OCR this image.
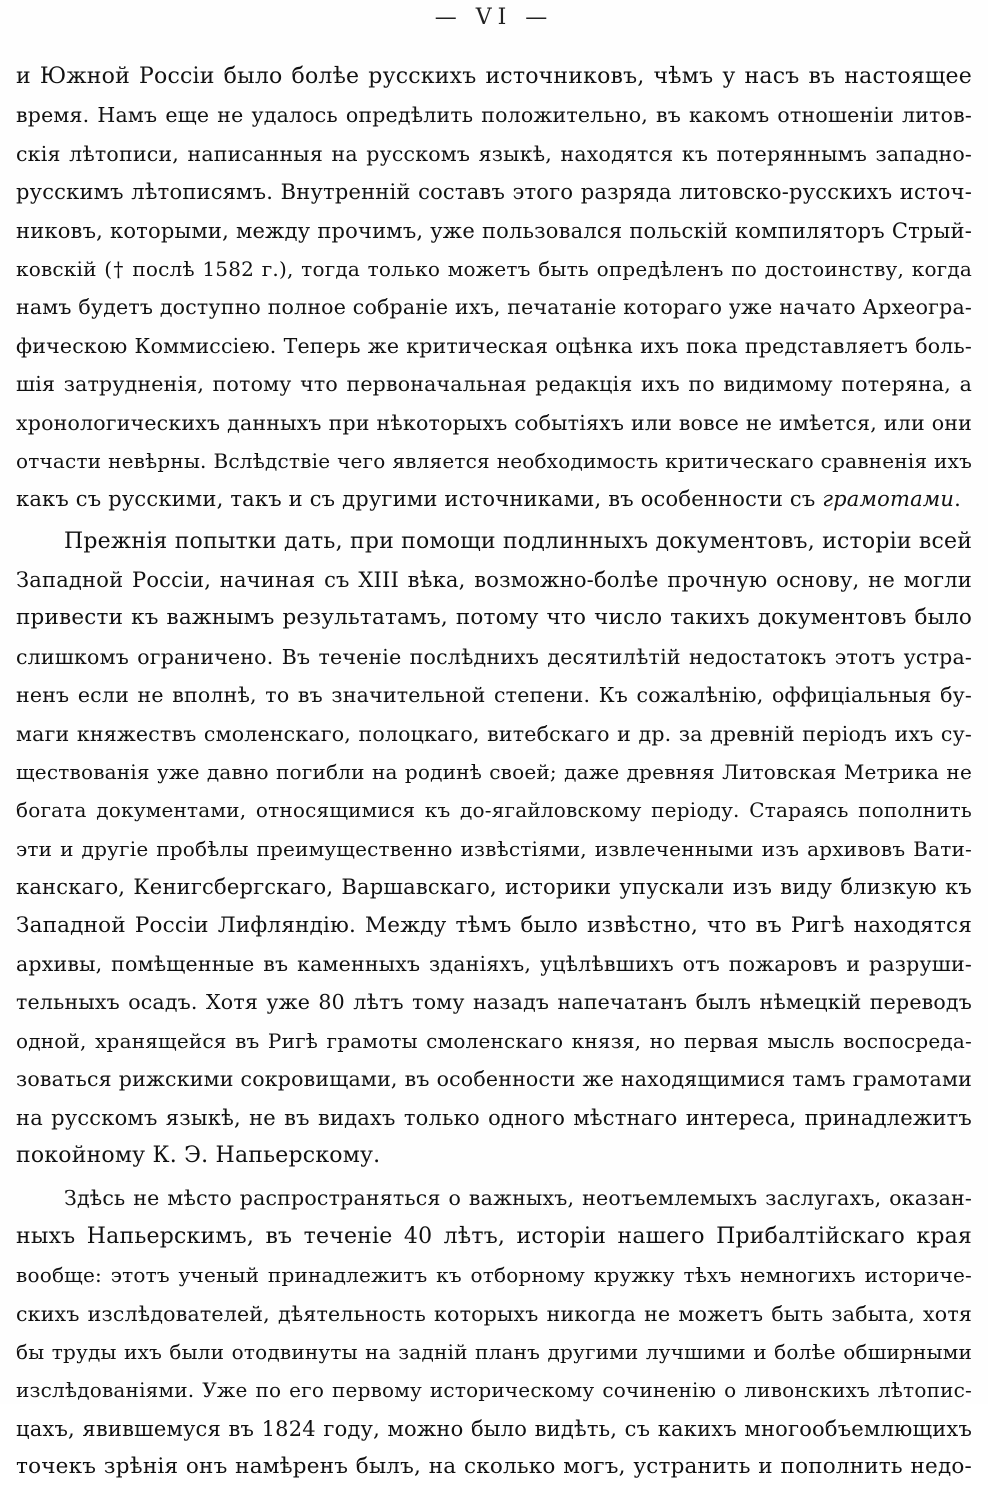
— VI —
и Южной Россіи было болѣе русскихъ источниковъ, чѣмъ у насъ въ настоящее
время. Намъ еще не удалось опредѣлить положительно, въ какомъ отношеніи литов-
скія лѣтописи, написанныя на русскомъ языкѣ, находятся къ потеряннымъ западно-
русскимъ лѣтописямъ. Внутренній составъ этого разряда литовско-русскихъ источ-
никовъ, которыми, между прочимъ, уже пользовался польскій компиляторъ Стрый-
ковскій († послѣ 1582 г.), тогда только можетъ быть опредѣленъ по достоинству, когда
намъ будетъ доступно полное собраніе ихъ, печатаніе котораго уже начато Археогра-
фическою Коммиссіею. Теперь же критическая оцѣнка ихъ пока представляетъ боль-
шія затрудненія, потому что первоначальная редакція ихъ по видимому потеряна, а
хронологическихъ данныхъ при нѣкоторыхъ событіяхъ или вовсе не имѣется, или они
отчасти невѣрны. Вслѣдствіе чего является необходимость критическаго сравненія ихъ
какъ съ русскими, такъ и съ другими источниками, въ особенности съ грамотами.
Прежнія попытки дать, при помощи подлинныхъ документовъ, исторіи всей
Западной Россіи, начиная съ XIII вѣка, возможно-болѣе прочную основу, не могли
привести къ важнымъ результатамъ, потому что число такихъ документовъ было
слишкомъ ограничено. Въ теченіе послѣднихъ десятилѣтій недостатокъ этотъ устра-
ненъ если не вполнѣ, то въ значительной степени. Къ сожалѣнію, оффиціальныя бу-
маги княжествъ смоленскаго, полоцкаго, витебскаго и др. за древній періодъ ихъ су-
ществованія уже давно погибли на родинѣ своей; даже древняя Литовская Метрика не
богата документами, относящимися къ до-ягайловскому періоду. Стараясь пополнить
эти и другіе пробѣлы преимущественно извѣстіями, извлеченными изъ архивовъ Вати-
канскаго, Кенигсбергскаго, Варшавскаго, историки упускали изъ виду близкую къ
Западной Россіи Лифляндію. Между тѣмъ было извѣстно, что въ Ригѣ находятся
архивы, помѣщенные въ каменныхъ зданіяхъ, уцѣлѣвшихъ отъ пожаровъ и разруши-
тельныхъ осадъ. Хотя уже 80 лѣтъ тому назадъ напечатанъ былъ нѣмецкій переводъ
одной, хранящейся въ Ригѣ грамоты смоленскаго князя, но первая мысль воспосреда-
зоваться рижскими сокровищами, въ особенности же находящимися тамъ грамотами
на русскомъ языкѣ, не въ видахъ только одного мѣстнаго интереса, принадлежитъ
покойному К. Э. Напьерскому.
Здѣсь не мѣсто распространяться о важныхъ, неотъемлемыхъ заслугахъ, оказан-
ныхъ Напьерскимъ, въ теченіе 40 лѣтъ, исторіи нашего Прибалтійскаго края
вообще: этотъ ученый принадлежитъ къ отборному кружку тѣхъ немногихъ историче-
скихъ изслѣдователей, дѣятельность которыхъ никогда не можетъ быть забыта, хотя
бы труды ихъ были отодвинуты на задній планъ другими лучшими и болѣе обширными
изслѣдованіями. Уже по его первому историческому сочиненію о ливонскихъ лѣтопис-
цахъ, явившемуся въ 1824 году, можно было видѣть, съ какихъ многообъемлющихъ
точекъ зрѣнія онъ намѣренъ былъ, на сколько могъ, устранить и пополнить недо-
